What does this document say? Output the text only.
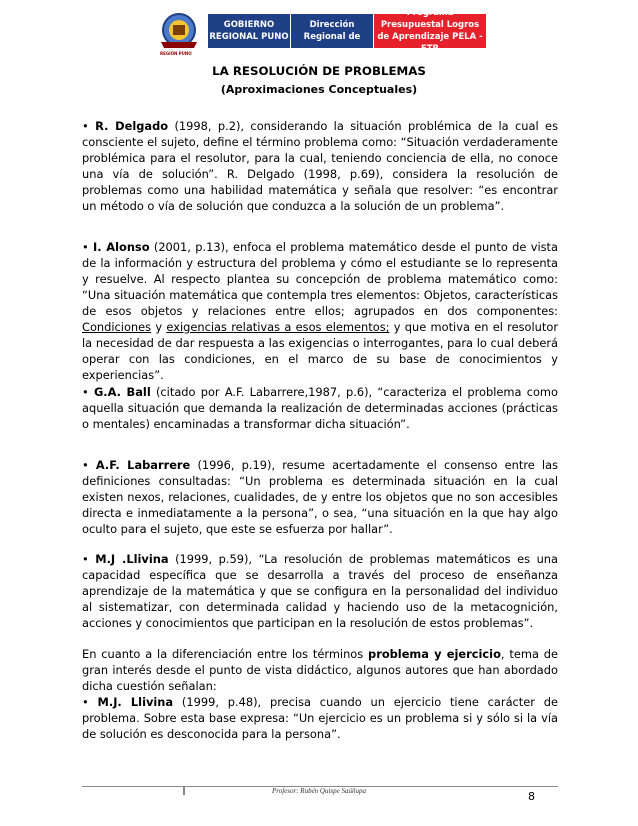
REGION PUNO
GOBIERNO
REGIONAL PUNO
Dirección
Regional de
Programa Presupuestal Logros
de Aprendizaje PELA - ETR
LA RESOLUCIÓN DE PROBLEMAS
(Aproximaciones Conceptuales)
• R. Delgado (1998, p.2), considerando la situación problémica de la cual es consciente el sujeto, define el término problema como: “Situación verdaderamente problémica para el resolutor, para la cual, teniendo conciencia de ella, no conoce una vía de solución”. R. Delgado (1998, p.69), considera la resolución de problemas como una habilidad matemática y señala que resolver: “es encontrar un método o vía de solución que conduzca a la solución de un problema”.
• I. Alonso (2001, p.13), enfoca el problema matemático desde el punto de vista de la información y estructura del problema y cómo el estudiante se lo representa y resuelve. Al respecto plantea su concepción de problema matemático como: “Una situación matemática que contempla tres elementos: Objetos, características de esos objetos y relaciones entre ellos; agrupados en dos componentes: Condiciones y exigencias relativas a esos elementos; y que motiva en el resolutor la necesidad de dar respuesta a las exigencias o interrogantes, para lo cual deberá operar con las condiciones, en el marco de su base de conocimientos y experiencias”.
• G.A. Ball (citado por A.F. Labarrere,1987, p.6), “caracteriza el problema como aquella situación que demanda la realización de determinadas acciones (prácticas o mentales) encaminadas a transformar dicha situación”.
• A.F. Labarrere (1996, p.19), resume acertadamente el consenso entre las definiciones consultadas: “Un problema es determinada situación en la cual existen nexos, relaciones, cualidades, de y entre los objetos que no son accesibles directa e inmediatamente a la persona”, o sea, “una situación en la que hay algo oculto para el sujeto, que este se esfuerza por hallar”.
• M.J .Llivina (1999, p.59), “La resolución de problemas matemáticos es una capacidad específica que se desarrolla a través del proceso de enseñanza aprendizaje de la matemática y que se configura en la personalidad del individuo al sistematizar, con determinada calidad y haciendo uso de la metacognición, acciones y conocimientos que participan en la resolución de estos problemas”.
En cuanto a la diferenciación entre los términos problema y ejercicio, tema de gran interés desde el punto de vista didáctico, algunos autores que han abordado dicha cuestión señalan:
• M.J. Llivina (1999, p.48), precisa cuando un ejercicio tiene carácter de problema. Sobre esta base expresa: “Un ejercicio es un problema si y sólo si la vía de solución es desconocida para la persona”.
Profesor: Rubén Quispe Saúñupa	8
